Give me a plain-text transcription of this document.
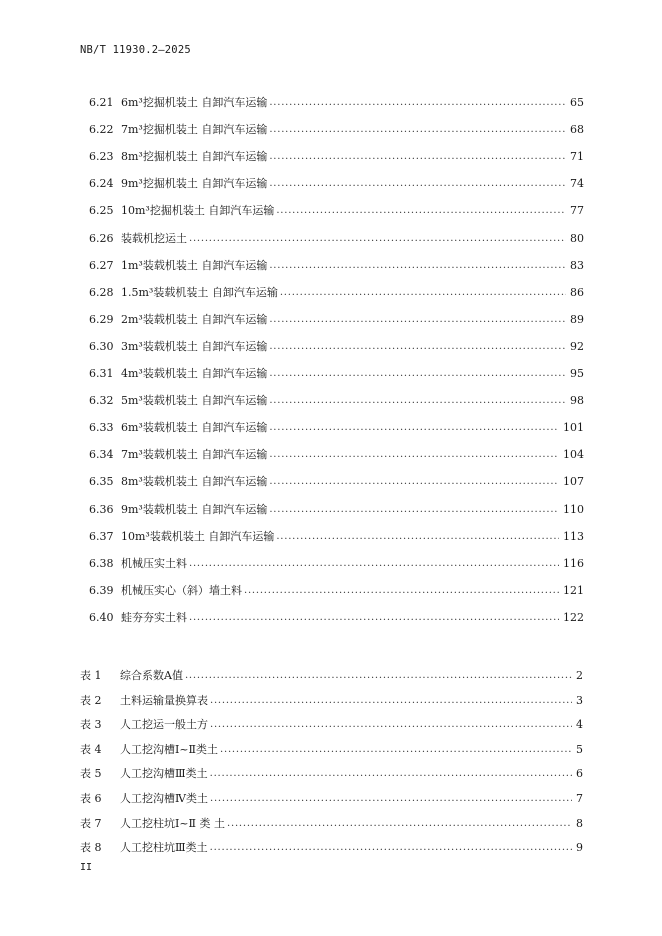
NB/T 11930.2—2025
6.21 6m³挖掘机装土 自卸汽车运输 . . .	65
6.22 7m³挖掘机装土 自卸汽车运输 . . .	68
6.23 8m³挖掘机装土 自卸汽车运输 . . .	71
6.24 9m³挖掘机装土 自卸汽车运输 . . .	74
6.25 10m³挖掘机装土 自卸汽车运输 . . .	77
6.26 装载机挖运土 . . .	80
6.27 1m³装载机装土 自卸汽车运输 . . .	83
6.28 1.5m³装载机装土 自卸汽车运输 . . .	86
6.29 2m³装载机装土 自卸汽车运输 . . .	89
6.30 3m³装载机装土 自卸汽车运输 . . .	92
6.31 4m³装载机装土 自卸汽车运输 . . .	95
6.32 5m³装载机装土 自卸汽车运输 . . .	98
6.33 6m³装载机装土 自卸汽车运输 . . .	101
6.34 7m³装载机装土 自卸汽车运输 . . .	104
6.35 8m³装载机装土 自卸汽车运输 . . .	107
6.36 9m³装载机装土 自卸汽车运输 . . .	110
6.37 10m³装载机装土 自卸汽车运输 . . .	113
6.38 机械压实土料 . . .	116
6.39 机械压实心（斜）墙土料 . . .	121
6.40 蛙夯夯实土料 . . .	122
表 1	综合系数A值 . . .	2
表 2	土料运输量换算表 . . .	3
表 3	人工挖运一般土方 . . .	4
表 4	人工挖沟槽Ⅰ~Ⅱ类土 . . .	5
表 5	人工挖沟槽Ⅲ类土 . . .	6
表 6	人工挖沟槽Ⅳ类土 . . .	7
表 7	人工挖柱坑Ⅰ~Ⅱ 类 土 . . .	8
表 8	人工挖柱坑Ⅲ类土 . . .	9
II
